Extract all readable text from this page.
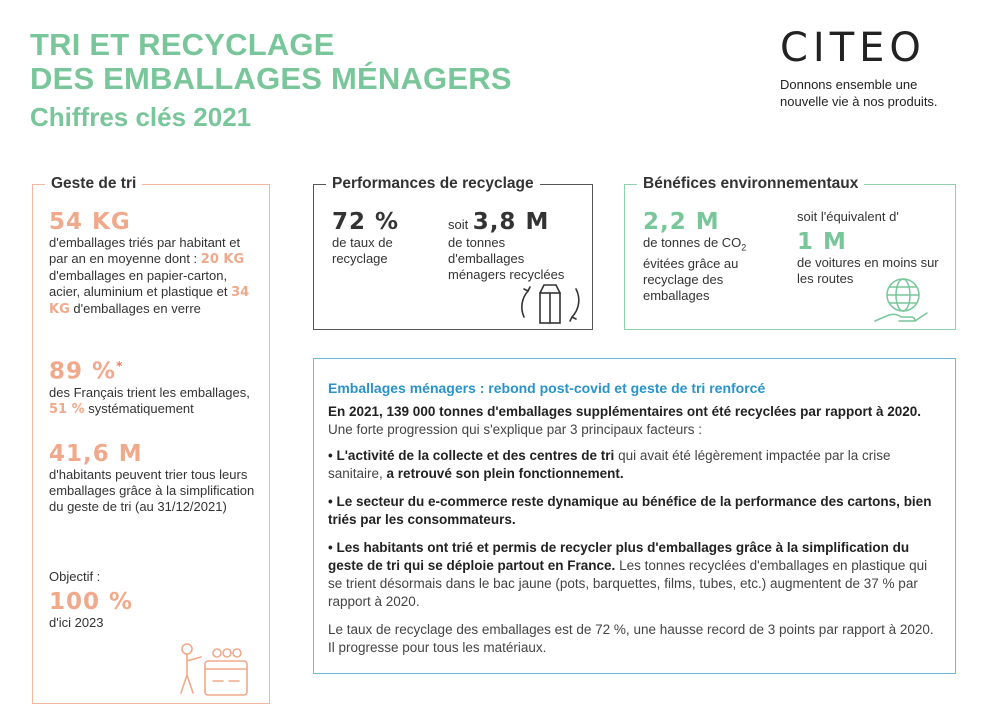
TRI ET RECYCLAGE
DES EMBALLAGES MÉNAGERS
Chiffres clés 2021
CITEO
Donnons ensemble une
nouvelle vie à nos produits.
Geste de tri
54 KG
d'emballages triés par habitant et par an en moyenne dont : 20 KG d'emballages en papier-carton, acier, aluminium et plastique et 34 KG d'emballages en verre
89 %*
des Français trient les emballages,
51 % systématiquement
41,6 M
d'habitants peuvent trier tous leurs emballages grâce à la simplification du geste de tri (au 31/12/2021)
Objectif :
100 %
d'ici 2023
Performances de recyclage
72 %
de taux de recyclage
soit 3,8 M
de tonnes d'emballages ménagers recyclées
Bénéfices environnementaux
2,2 M
de tonnes de $CO_2$
évitées grâce au recyclage des emballages
soit l'équivalent d'
1 M
de voitures en moins sur les routes
Emballages ménagers : rebond post-covid et geste de tri renforcé

En 2021, 139 000 tonnes d'emballages supplémentaires ont été recyclées par rapport à 2020.
Une forte progression qui s'explique par 3 principaux facteurs :

• L'activité de la collecte et des centres de tri qui avait été légèrement impactée par la crise sanitaire, a retrouvé son plein fonctionnement.

• Le secteur du e-commerce reste dynamique au bénéfice de la performance des cartons, bien triés par les consommateurs.

• Les habitants ont trié et permis de recycler plus d'emballages grâce à la simplification du geste de tri qui se déploie partout en France. Les tonnes recyclées d'emballages en plastique qui se trient désormais dans le bac jaune (pots, barquettes, films, tubes, etc.) augmentent de 37 % par rapport à 2020.

Le taux de recyclage des emballages est de 72 %, une hausse record de 3 points par rapport à 2020. Il progresse pour tous les matériaux.
